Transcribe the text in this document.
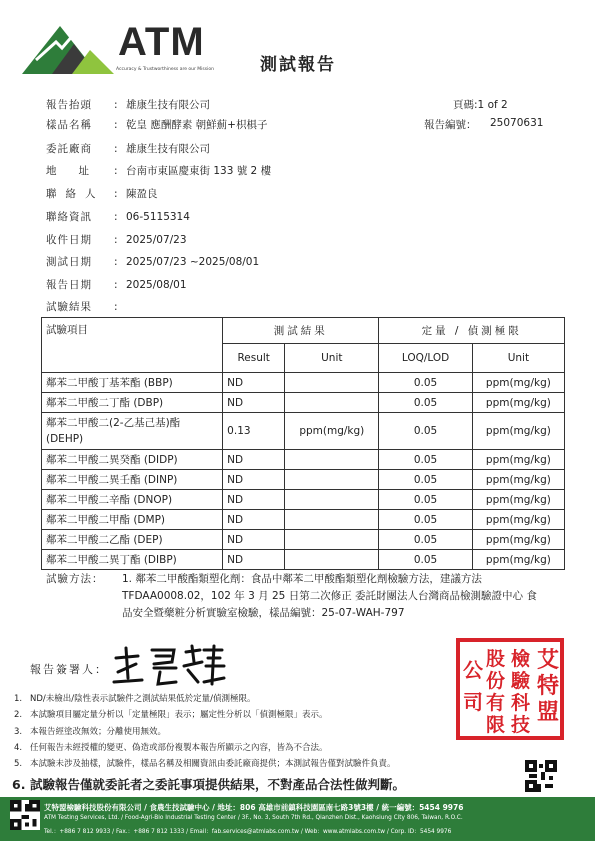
ATM
Accuracy & Trustworthiness are our Mission	測試報告
頁碼:1 of 2
報告編號： 25070631
報告抬頭 : 雄康生技有限公司
樣品名稱 : 乾皇 應酬酵素 朝鮮薊+枳椇子
委託廠商 : 雄康生技有限公司
地址 : 台南市東區慶東街 133 號 2 樓
聯絡人 : 陳盈良
聯絡資訊 : 06-5115314
收件日期 : 2025/07/23
測試日期 : 2025/07/23 ~2025/08/01
報告日期 : 2025/08/01
試驗結果 :
試驗項目	測試結果		定量 / 偵測極限	
	Result	Unit	LOQ/LOD	Unit
鄰苯二甲酸丁基苯酯 (BBP)	ND		0.05	ppm(mg/kg)
鄰苯二甲酸二丁酯 (DBP)	ND		0.05	ppm(mg/kg)
鄰苯二甲酸二(2-乙基己基)酯 (DEHP)	0.13	ppm(mg/kg)	0.05	ppm(mg/kg)
鄰苯二甲酸二異癸酯 (DIDP)	ND		0.05	ppm(mg/kg)
鄰苯二甲酸二異壬酯 (DINP)	ND		0.05	ppm(mg/kg)
鄰苯二甲酸二辛酯 (DNOP)	ND		0.05	ppm(mg/kg)
鄰苯二甲酸二甲酯 (DMP)	ND		0.05	ppm(mg/kg)
鄰苯二甲酸二乙酯 (DEP)	ND		0.05	ppm(mg/kg)
鄰苯二甲酸二異丁酯 (DIBP)	ND		0.05	ppm(mg/kg)
試驗方法： 1. 鄰苯二甲酸酯類塑化劑：食品中鄰苯二甲酸酯類塑化劑檢驗方法，建議方法
TFDAA0008.02，102 年 3 月 25 日第二次修正 委託財團法人台灣商品檢測驗證中心 食
品安全暨藥粧分析實驗室檢驗，樣品編號：25-07-WAH-797
報告簽署人：	艾
特
盟
檢
驗
科
技
股
份
有
限
公
司
1. ND/未檢出/陰性表示試驗件之測試結果低於定量/偵測極限。
2. 本試驗項目屬定量分析以「定量極限」表示；屬定性分析以「偵測極限」表示。
3. 本報告經塗改無效；分離使用無效。
4. 任何報告未經授權的變更、偽造或部份複製本報告所顯示之內容，皆為不合法。
5. 本試驗未涉及抽樣，試驗件，樣品名稱及相關資訊由委託廠商提供；本測試報告僅對試驗件負責。
6. 試驗報告僅就委託者之委託事項提供結果，不對產品合法性做判斷。
艾特盟檢驗科技股份有限公司 / 食農生技試驗中心 / 地址：806 高雄市前鎮科技園區南七路3號3樓 / 統一編號：5454 9976
ATM Testing Services, Ltd. / Food-Agri-Bio Industrial Testing Center / 3F., No. 3, South 7th Rd., Qianzhen Dist., Kaohsiung City 806, Taiwan, R.O.C.
Tel.：+886 7 812 9933 / Fax.：+886 7 812 1333 / Email：fab.services@atmlabs.com.tw / Web：www.atmlabs.com.tw / Corp. ID：5454 9976
